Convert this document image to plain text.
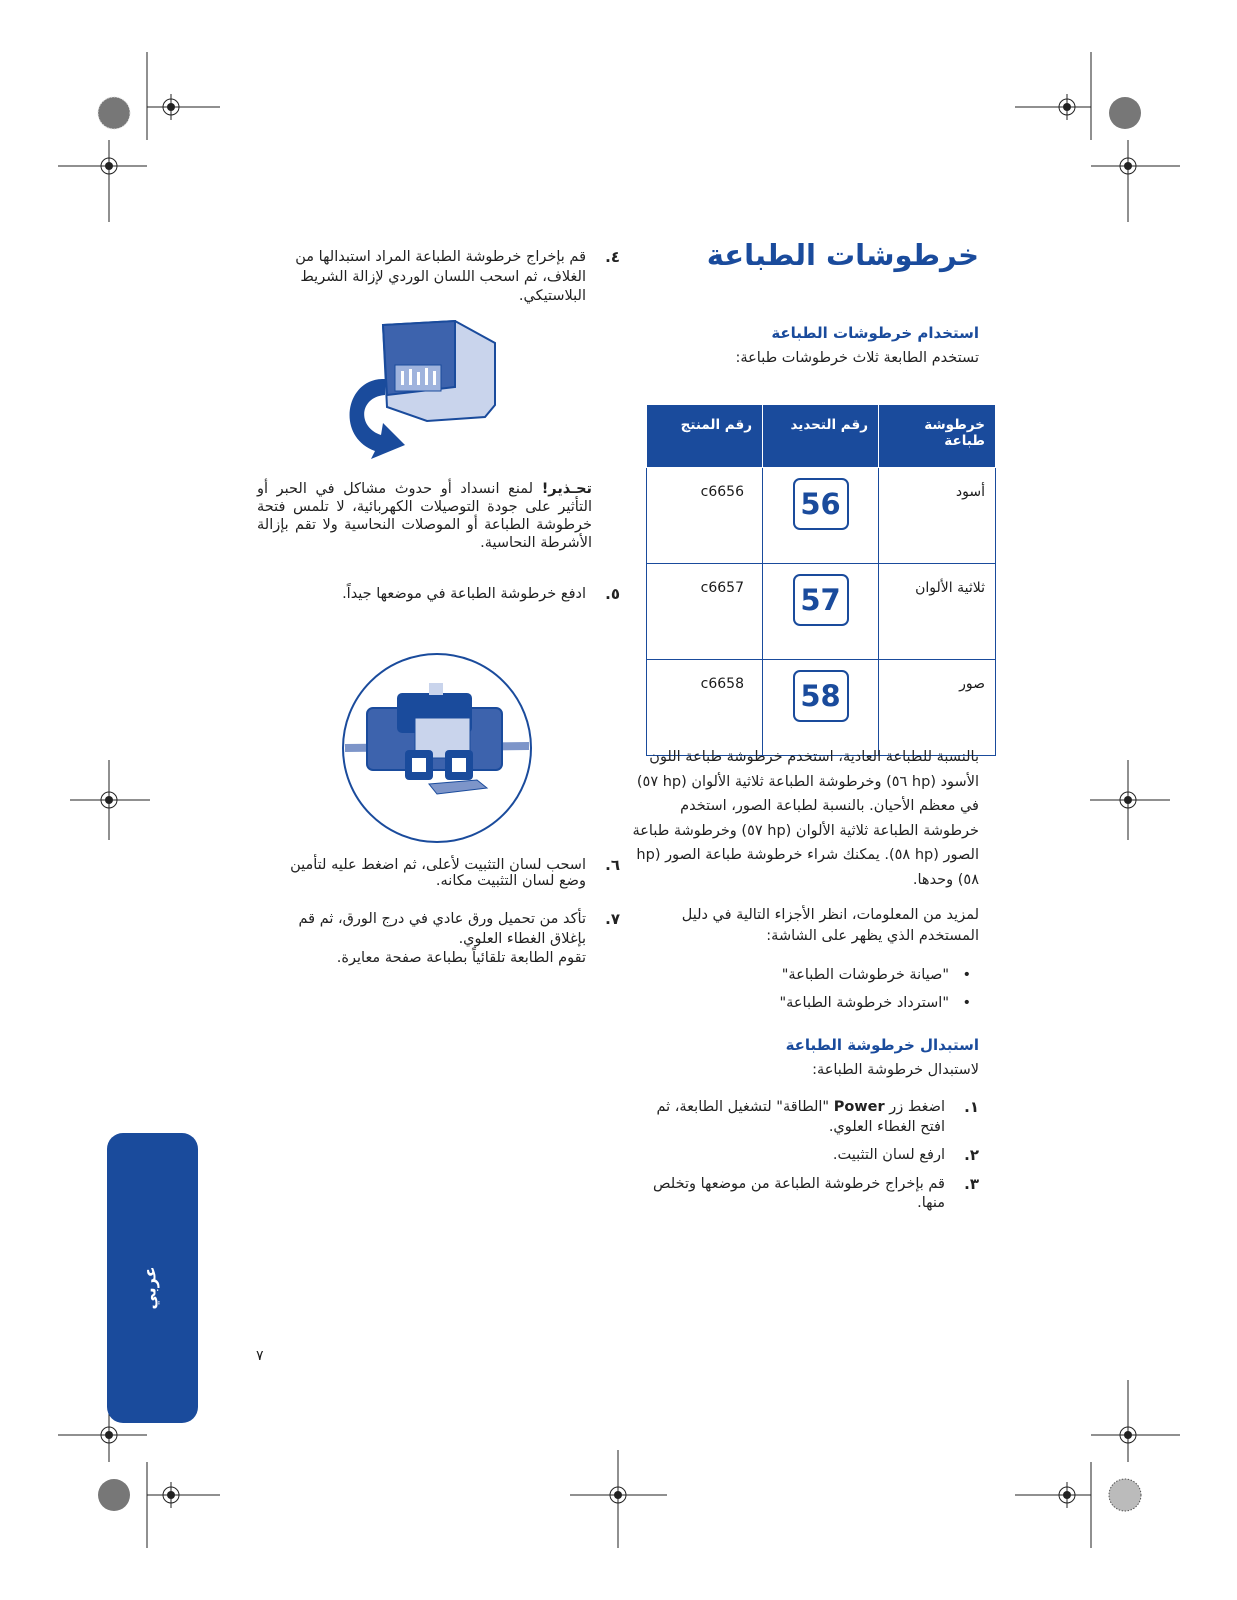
خرطوشات الطباعة
استخدام خرطوشات الطباعة
تستخدم الطابعة ثلاث خرطوشات طباعة:
خرطوشة طباعة	رقم التحديد	رقم المنتج
أسود	56	c6656
ثلاثية الألوان	57	c6657
صور	58	c6658
بالنسبة للطباعة العادية، استخدم خرطوشة طباعة اللون الأسود (hp ٥٦) وخرطوشة الطباعة ثلاثية الألوان (hp ٥٧) في معظم الأحيان. بالنسبة لطباعة الصور، استخدم خرطوشة الطباعة ثلاثية الألوان (hp ٥٧) وخرطوشة طباعة الصور (hp ٥٨). يمكنك شراء خرطوشة طباعة الصور (hp ٥٨) وحدها.
لمزيد من المعلومات، انظر الأجزاء التالية في دليل المستخدم الذي يظهر على الشاشة:
•
"صيانة خرطوشات الطباعة"
•
"استرداد خرطوشة الطباعة"
استبدال خرطوشة الطباعة
لاستبدال خرطوشة الطباعة:
١.
اضغط زر Power "الطاقة" لتشغيل الطابعة، ثم افتح الغطاء العلوي.
٢.
ارفع لسان التثبيت.
٣.
قم بإخراج خرطوشة الطباعة من موضعها وتخلص منها.
٤.
قم بإخراج خرطوشة الطباعة المراد استبدالها من الغلاف، ثم اسحب اللسان الوردي لإزالة الشريط البلاستيكي.
تحـذير! لمنع انسداد أو حدوث مشاكل في الحبر أو التأثير على جودة التوصيلات الكهربائية، لا تلمس فتحة خرطوشة الطباعة أو الموصلات النحاسية ولا تقم بإزالة الأشرطة النحاسية.
٥.
ادفع خرطوشة الطباعة في موضعها جيداً.
٦.
اسحب لسان التثبيت لأعلى، ثم اضغط عليه لتأمين وضع لسان التثبيت مكانه.
٧.
تأكد من تحميل ورق عادي في درج الورق، ثم قم بإغلاق الغطاء العلوي.
تقوم الطابعة تلقائياً بطباعة صفحة معايرة.
٧
عربي
